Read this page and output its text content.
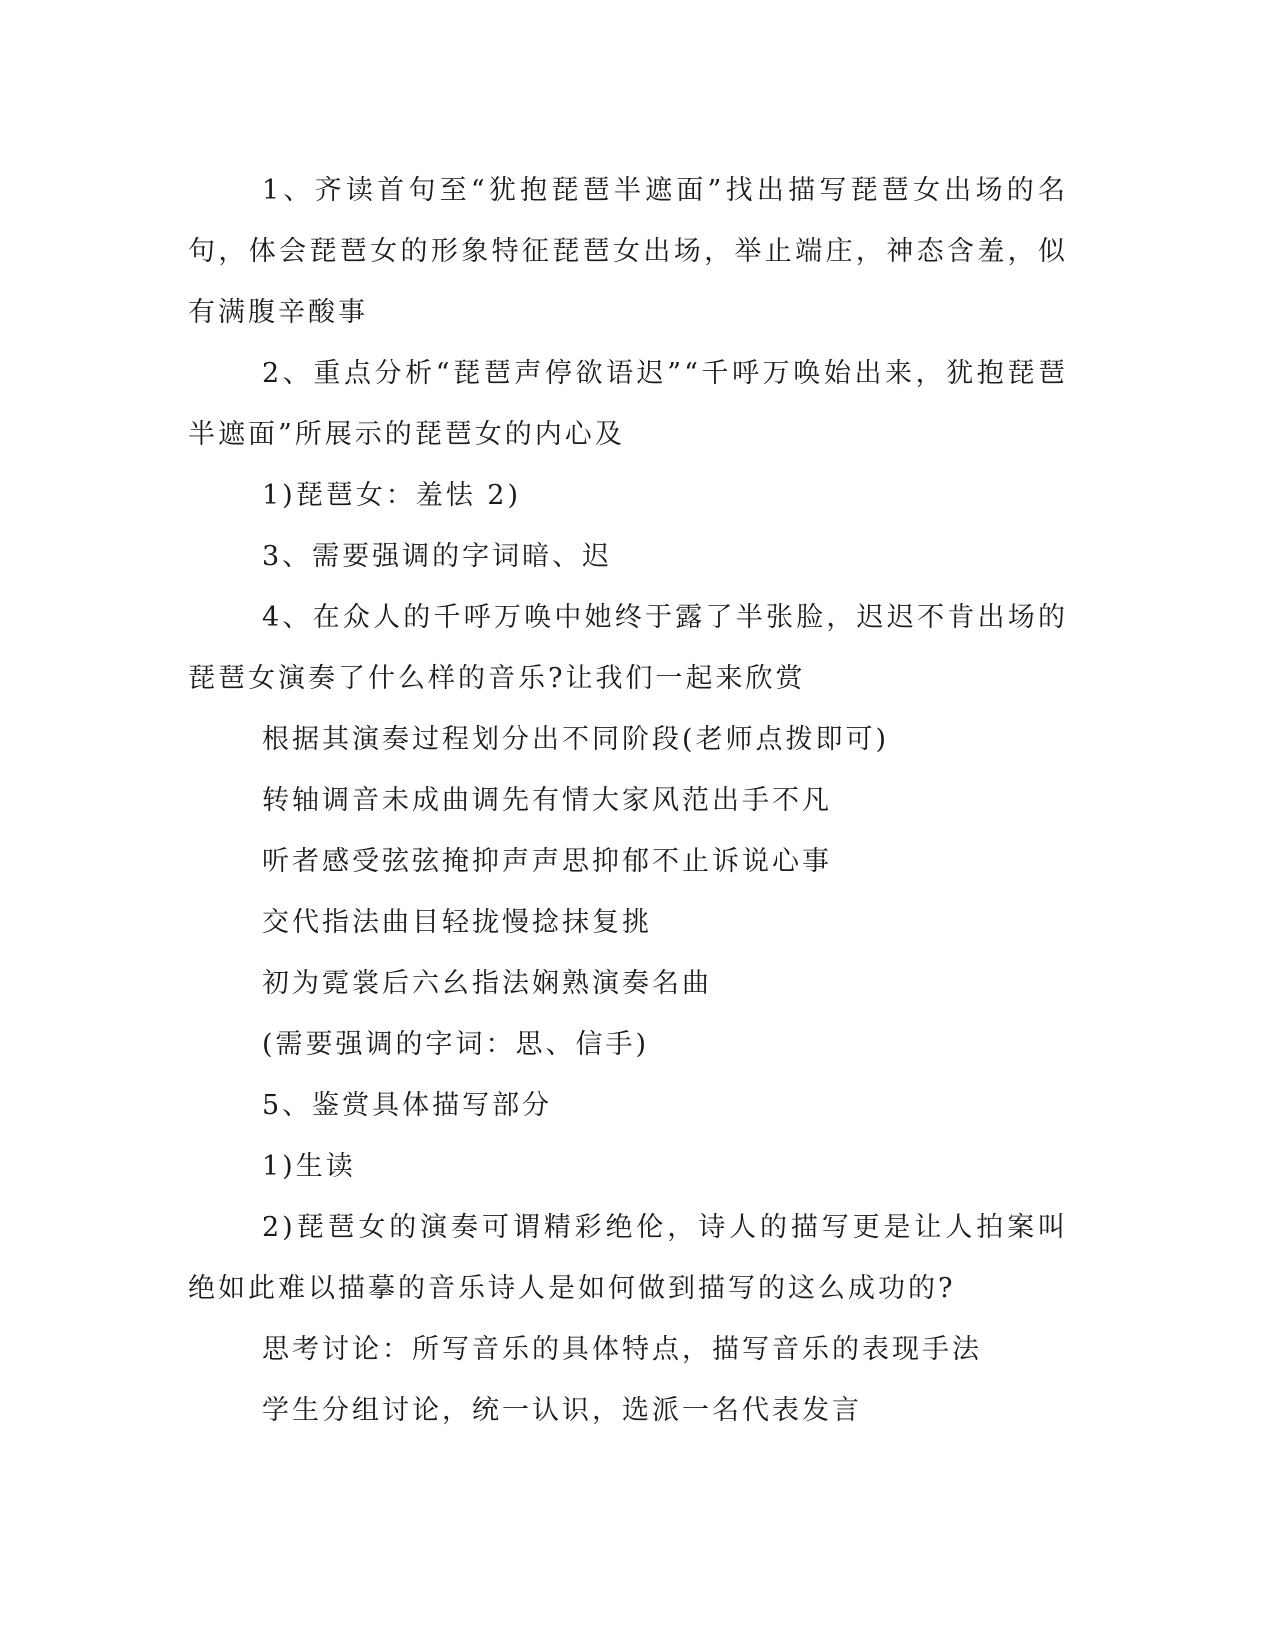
1、齐读首句至“犹抱琵琶半遮面”找出描写琵琶女出场的名句，体会琵琶女的形象特征琵琶女出场，举止端庄，神态含羞，似有满腹辛酸事

2、重点分析“琵琶声停欲语迟”“千呼万唤始出来，犹抱琵琶半遮面”所展示的琵琶女的内心及

1)琵琶女：羞怯 2)

3、需要强调的字词暗、迟

4、在众人的千呼万唤中她终于露了半张脸，迟迟不肯出场的琵琶女演奏了什么样的音乐?让我们一起来欣赏

根据其演奏过程划分出不同阶段(老师点拨即可)

转轴调音未成曲调先有情大家风范出手不凡

听者感受弦弦掩抑声声思抑郁不止诉说心事

交代指法曲目轻拢慢捻抹复挑

初为霓裳后六幺指法娴熟演奏名曲

(需要强调的字词：思、信手)

5、鉴赏具体描写部分

1)生读

2)琵琶女的演奏可谓精彩绝伦，诗人的描写更是让人拍案叫绝如此难以描摹的音乐诗人是如何做到描写的这么成功的?

思考讨论：所写音乐的具体特点，描写音乐的表现手法

学生分组讨论，统一认识，选派一名代表发言
